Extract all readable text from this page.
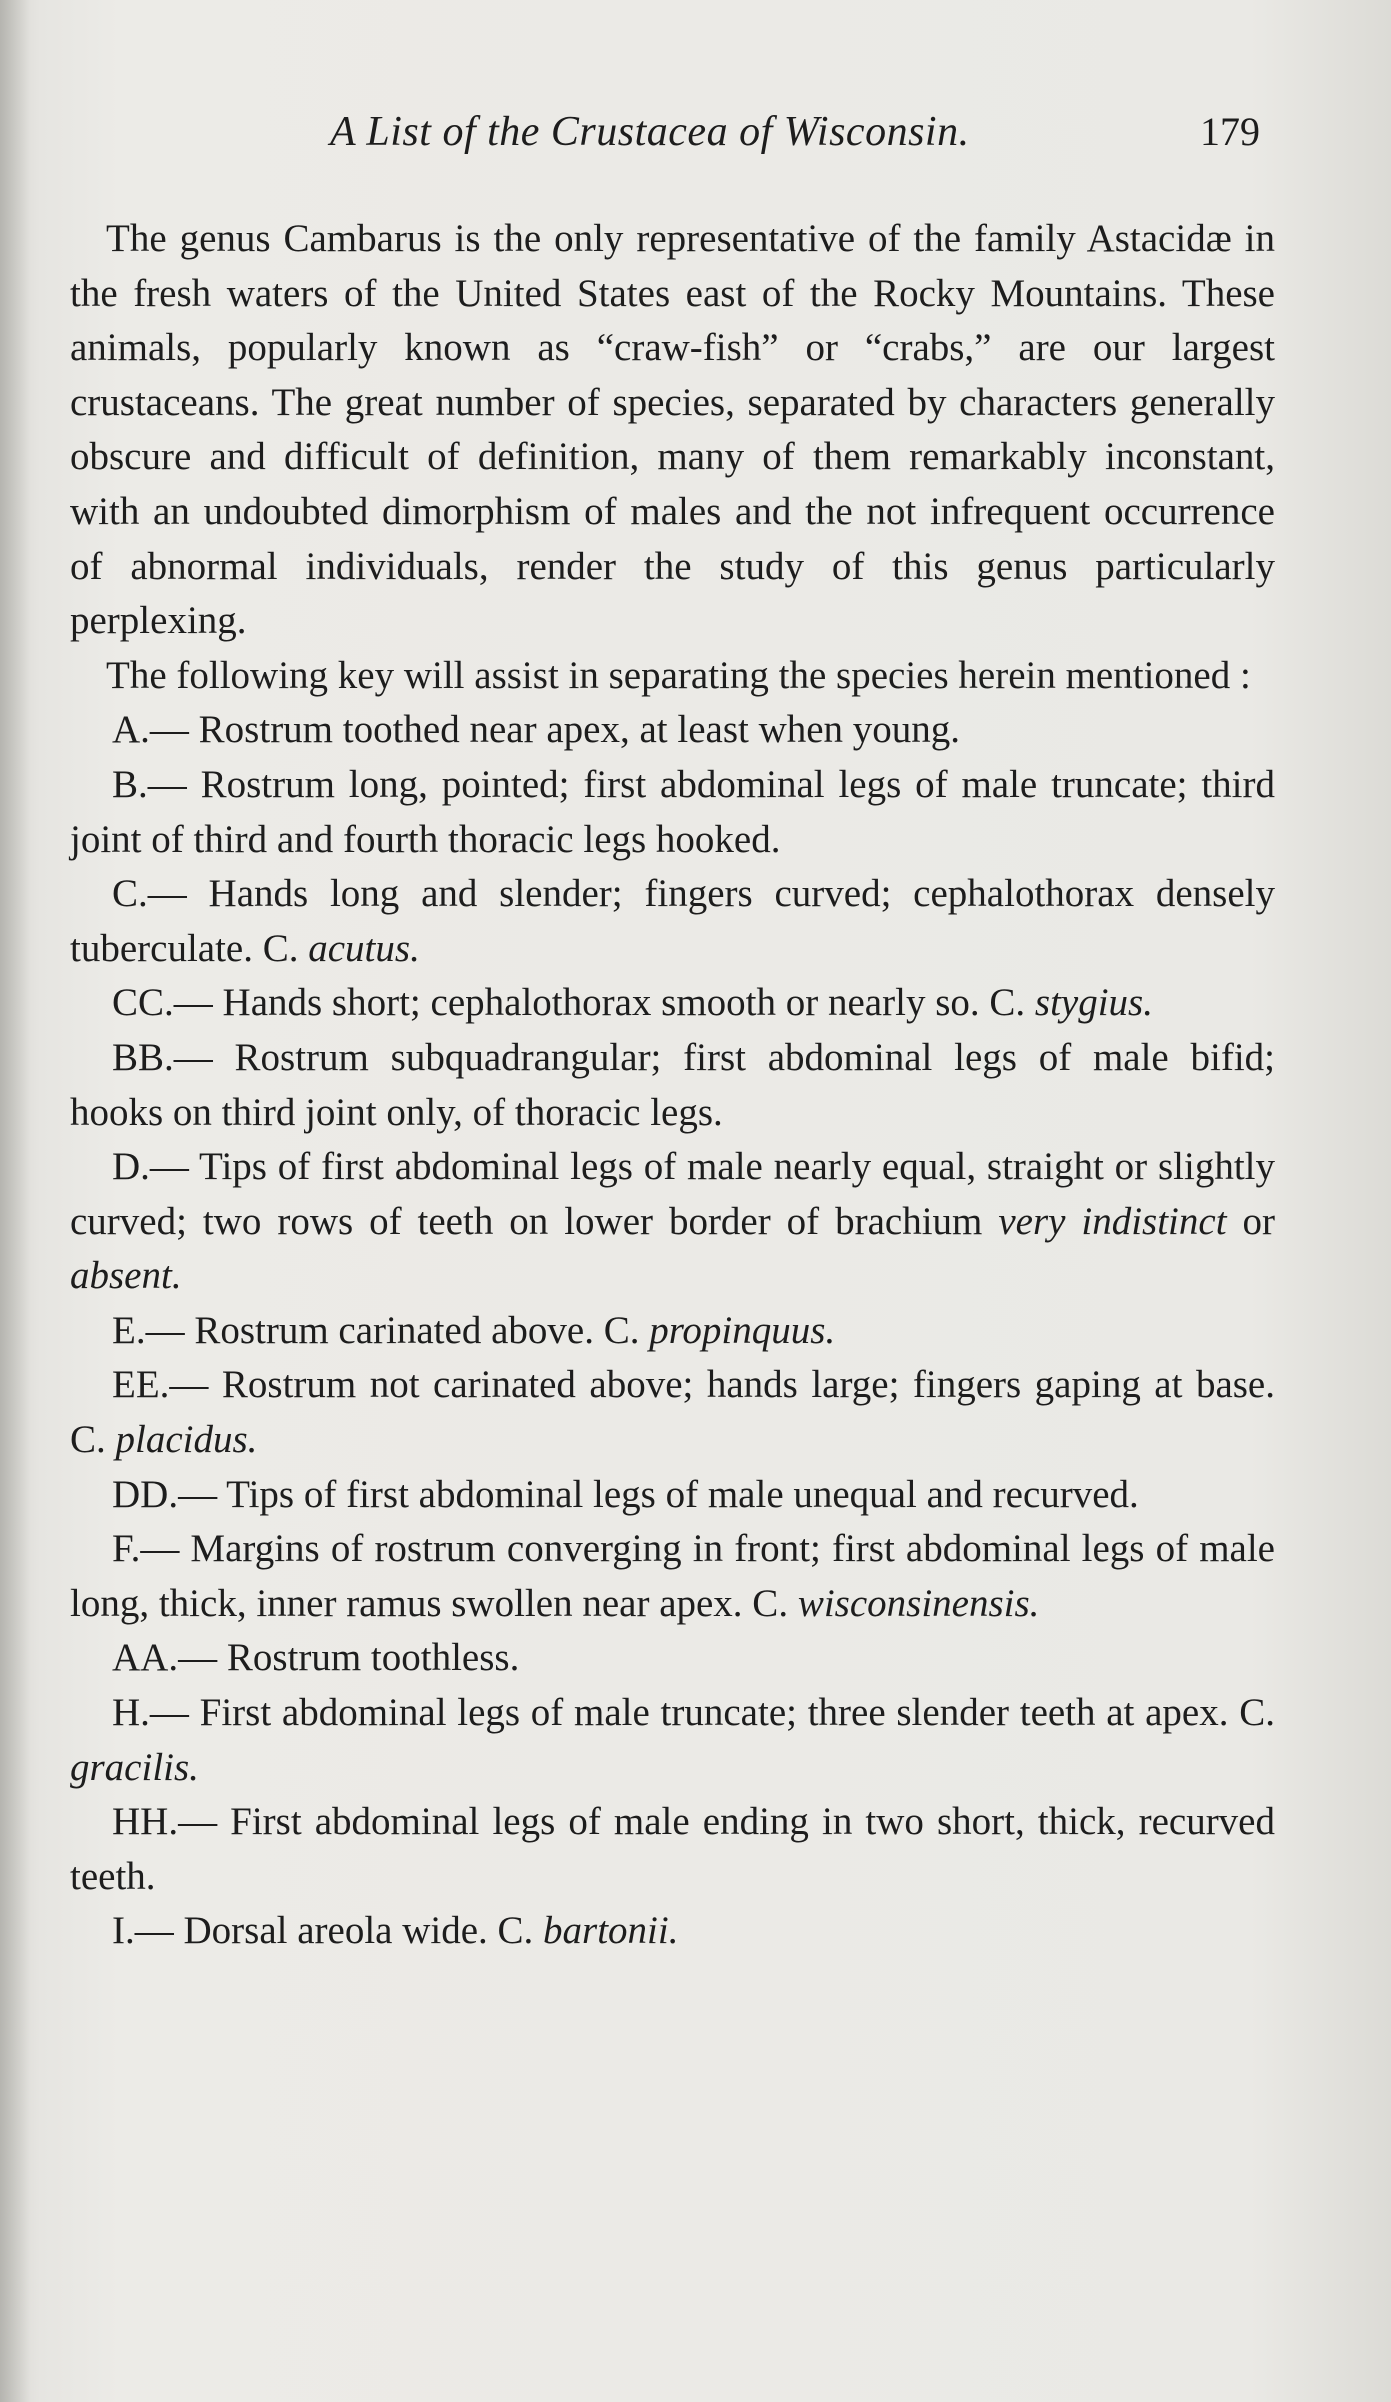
A List of the Crustacea of Wisconsin.	179

The genus Cambarus is the only representative of the family Astacidæ in the fresh waters of the United States east of the Rocky Mountains. These animals, popularly known as “craw-fish” or “crabs,” are our largest crustaceans. The great number of species, separated by characters generally obscure and difficult of definition, many of them remarkably inconstant, with an undoubted dimorphism of males and the not infrequent occurrence of abnormal individuals, render the study of this genus particularly perplexing.

The following key will assist in separating the species herein mentioned :

A.— Rostrum toothed near apex, at least when young.

B.— Rostrum long, pointed; first abdominal legs of male truncate; third joint of third and fourth thoracic legs hooked.

C.— Hands long and slender; fingers curved; cephalothorax densely tuberculate. C. acutus.

CC.— Hands short; cephalothorax smooth or nearly so. C. stygius.

BB.— Rostrum subquadrangular; first abdominal legs of male bifid; hooks on third joint only, of thoracic legs.

D.— Tips of first abdominal legs of male nearly equal, straight or slightly curved; two rows of teeth on lower border of brachium very indistinct or absent.

E.— Rostrum carinated above. C. propinquus.

EE.— Rostrum not carinated above; hands large; fingers gaping at base. C. placidus.

DD.— Tips of first abdominal legs of male unequal and recurved.

F.— Margins of rostrum converging in front; first abdominal legs of male long, thick, inner ramus swollen near apex. C. wisconsinensis.

AA.— Rostrum toothless.

H.— First abdominal legs of male truncate; three slender teeth at apex. C. gracilis.

HH.— First abdominal legs of male ending in two short, thick, recurved teeth.

I.— Dorsal areola wide. C. bartonii.
